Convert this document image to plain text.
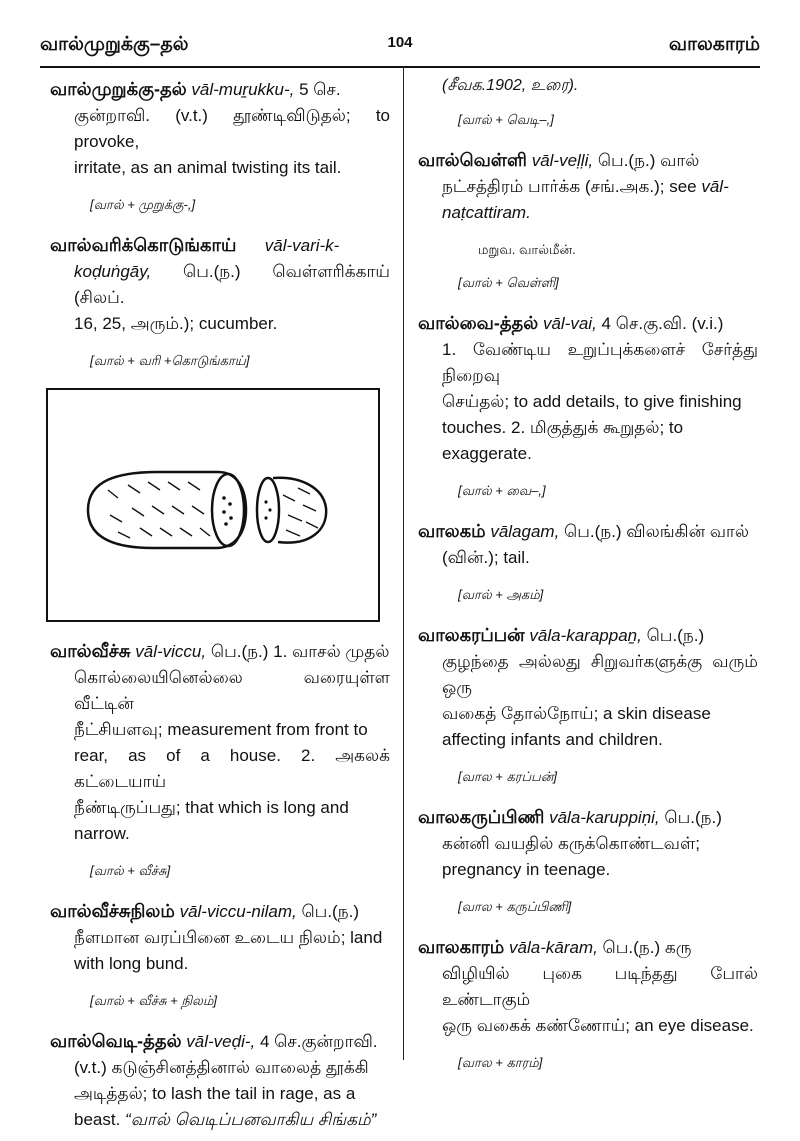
வால்முறுக்கு–தல்	104	வாலகாரம்
வால்முறுக்கு-தல் vāl-muṟukku-, 5 செ.
குன்றாவி. (v.t.) தூண்டிவிடுதல்; to provoke,
irritate, as an animal twisting its tail.
[வால் + முறுக்கு-,]
வால்வரிக்கொடுங்காய் vāl-vari-k-
koḍuṅgāy, பெ.(ந.) வெள்ளரிக்காய் (சிலப்.
16, 25, அரும்.); cucumber.
[வால் + வரி +கொடுங்காய்]
வால்வீச்சு vāl-viccu, பெ.(ந.) 1. வாசல் முதல்
கொல்லையினெல்லை வரையுள்ள வீட்டின்
நீட்சியளவு; measurement from front to
rear, as of a house. 2. அகலக் கட்டையாய்
நீண்டிருப்பது; that which is long and
narrow.
[வால் + வீச்சு]
வால்வீச்சுநிலம் vāl-viccu-nilam, பெ.(ந.)
நீளமான வரப்பினை உடைய நிலம்; land
with long bund.
[வால் + வீச்சு + நிலம்]
வால்வெடி-த்தல் vāl-veḍi-, 4 செ.குன்றாவி.
(v.t.) கடுஞ்சினத்தினால் வாலைத் தூக்கி
அடித்தல்; to lash the tail in rage, as a
beast. “வால் வெடிப்பனவாகிய சிங்கம்”
(சீவக.1902, உரை).
[வால் + வெடி–,]
வால்வெள்ளி vāl-veḷḷi, பெ.(ந.) வால்
நட்சத்திரம் பார்க்க (சங்.அக.); see vāl-
naṭcattiram.
மறுவ. வால்மீன்.
[வால் + வெள்ளி]
வால்வை-த்தல் vāl-vai, 4 செ.கு.வி. (v.i.)
1. வேண்டிய உறுப்புக்களைச் சேர்த்து நிறைவு
செய்தல்; to add details, to give finishing
touches. 2. மிகுத்துக் கூறுதல்; to
exaggerate.
[வால் + வை–,]
வாலகம் vālagam, பெ.(ந.) விலங்கின் வால்
(வின்.); tail.
[வால் + அகம்]
வாலகரப்பன் vāla-karappaṉ, பெ.(ந.)
குழந்தை அல்லது சிறுவர்களுக்கு வரும் ஒரு
வகைத் தோல்நோய்; a skin disease
affecting infants and children.
[வால + கரப்பன்]
வாலகருப்பிணி vāla-karuppiṇi, பெ.(ந.)
கன்னி வயதில் கருக்கொண்டவள்;
pregnancy in teenage.
[வால + கருப்பிணி]
வாலகாரம் vāla-kāram, பெ.(ந.) கரு
விழியில் புகை படிந்தது போல் உண்டாகும்
ஒரு வகைக் கண்ணோய்; an eye disease.
[வால + காரம்]
